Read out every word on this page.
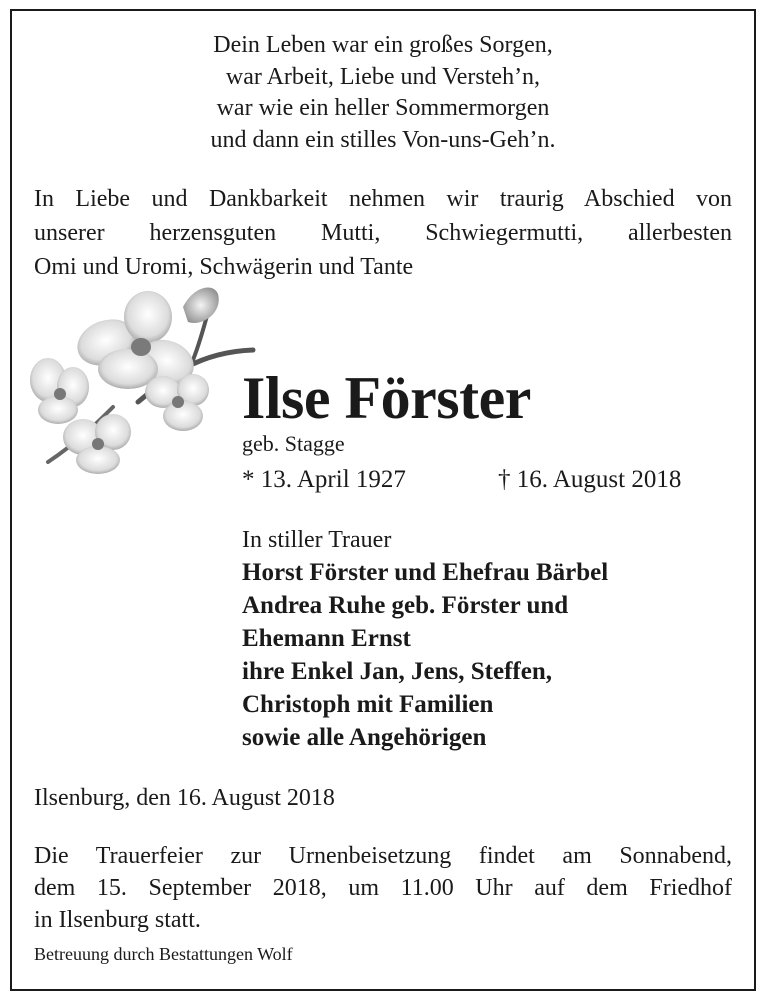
Dein Leben war ein großes Sorgen,
war Arbeit, Liebe und Versteh’n,
war wie ein heller Sommermorgen
und dann ein stilles Von-uns-Geh’n.
In Liebe und Dankbarkeit nehmen wir traurig Abschied von
unserer herzensguten Mutti, Schwiegermutti, allerbesten
Omi und Uromi, Schwägerin und Tante
Ilse Förster
geb. Stagge
* 13. April 1927	† 16. August 2018
In stiller Trauer
Horst Förster und Ehefrau Bärbel
Andrea Ruhe geb. Förster und
Ehemann Ernst
ihre Enkel Jan, Jens, Steffen,
Christoph mit Familien
sowie alle Angehörigen
Ilsenburg, den 16. August 2018
Die Trauerfeier zur Urnenbeisetzung findet am Sonnabend,
dem 15. September 2018, um 11.00 Uhr auf dem Friedhof
in Ilsenburg statt.
Betreuung durch Bestattungen Wolf
